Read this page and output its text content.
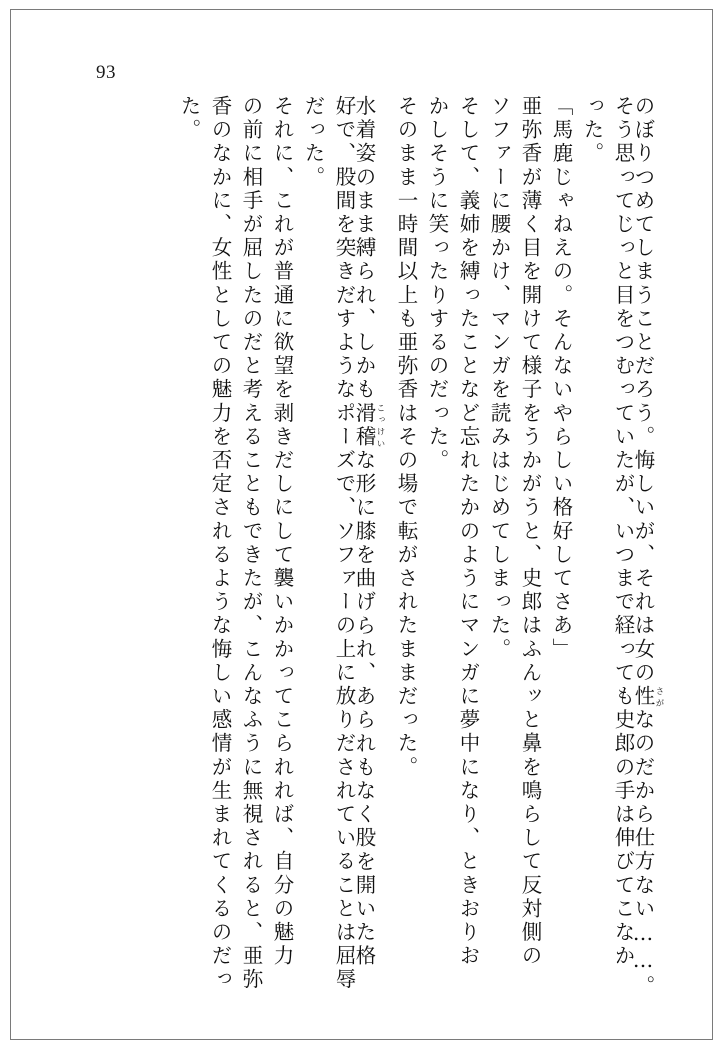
93
のぼりつめてしまうことだろう。悔しいが、それは女の性 さがなのだから仕方ない……。
そう思ってじっと目をつむっていたが、いつまで経っても史郎の手は伸びてこなか
った。
「馬鹿じゃねえの。そんないやらしい格好してさあ」
亜弥香が薄く目を開けて様子をうかがうと、史郎はふんッと鼻を鳴らして反対側の
ソファーに腰かけ、マンガを読みはじめてしまった。
そして、義姉を縛ったことなど忘れたかのようにマンガに夢中になり、ときおりお
かしそうに笑ったりするのだった。
そのまま一時間以上も亜弥香はその場で転がされたままだった。
水着姿のまま縛られ、しかも滑稽 こっけいな形に膝を曲げられ、あられもなく股を開いた格
好で、股間を突きだすようなポーズで、ソファーの上に放りだされていることは屈辱
だった。
それに、これが普通に欲望を剥きだしにして襲いかかってこられれば、自分の魅力
の前に相手が屈したのだと考えることもできたが、こんなふうに無視されると、亜弥
香のなかに、女性としての魅力を否定されるような悔しい感情が生まれてくるのだっ
た。
